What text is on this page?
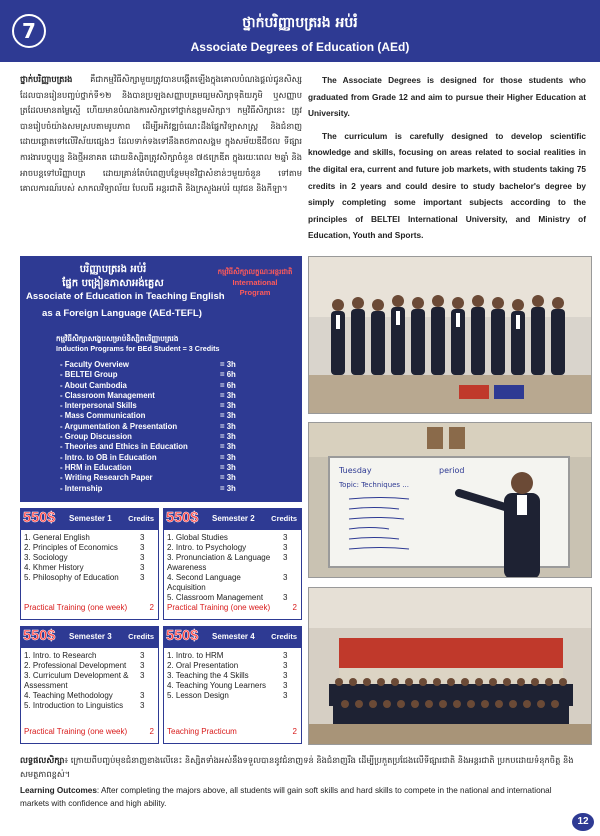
7	ថ្នាក់បរិញ្ញាបត្ររង អប់រំ
Associate Degrees of Education (AEd)
ថ្នាក់បរិញ្ញាបត្ររង គឺជាកម្មវិធីសិក្សាមួយត្រូវបានបង្កើតឡើងក្នុងគោលបំណងផ្តល់ជូនសិស្សដែលបានរៀនបញ្ចប់ថ្នាក់ទី១២ និងបានប្រឡងសញ្ញាបត្រមធ្យមសិក្សាទុតិយភូមិ ឬសញ្ញាបត្រដែលមានតម្លៃស្មើ ហើយមានបំណងការសិក្សាទៅថ្នាក់ឧត្តមសិក្សា។ កម្មវិធីសិក្សានេះ ត្រូវបានរៀបចំយ៉ាងសមស្របតាមរូបភាព ដើម្បីអភិវឌ្ឍចំណេះដឹងផ្នែកវិទ្យាសាស្ត្រ និងជំនាញ ដោយផ្តោតទៅលើវិស័យផ្សេងៗ ដែលទាក់ទងទៅនឹងតថភាពសង្គម ក្នុងសម័យឌីជីថល ទីផ្សារការងារបច្ចុប្បន្ន និងថ្មីអនាគត ដោយនិស្សិតត្រូវសិក្សាចំនួន ៧៥ក្រេឌីត ក្នុងរយៈពេល ២ឆ្នាំ និងអាចបន្តទៅបរិញ្ញាបត្រ ដោយគ្រាន់តែបំពេញបន្ថែមមុខវិជ្ជាសំខាន់ៗមួយចំនួន ទៅតាមគោលការណ៍របស់ សាកលវិទ្យាល័យ បែលធី អន្តរជាតិ និងក្រសួងអប់រំ យុវជន និងកីឡា។

The Associate Degrees is designed for those students who graduated from Grade 12 and aim to pursue their Higher Education at University.

The curriculum is carefully designed to develop scientific knowledge and skills, focusing on areas related to social realities in the digital era, current and future job markets, with students taking 75 credits in 2 years and could desire to study bachelor's degree by simply completing some important subjects according to the principles of BELTEI International University, and Ministry of Education, Youth and Sports.

បរិញ្ញាបត្ររង អប់រំ
ផ្នែក បង្រៀនភាសាអង់គ្លេស
Associate of Education in Teaching English
as a Foreign Language (AEd-TEFL)
កម្មវិធីសិក្សាលក្ខណៈអន្តរជាតិ
International
Program
កម្មវិធីសិក្សាសង្ខេបសម្រាប់និស្សិតបរិញ្ញាបត្ររង
Induction Programs for BEd Student = 3 Credits
- Faculty Overview	= 3h
- BELTEI Group	= 6h
- About Cambodia	= 6h
- Classroom Management	= 3h
- Interpersonal Skills	= 3h
- Mass Communication	= 3h
- Argumentation & Presentation	= 3h
- Group Discussion	= 3h
- Theories and Ethics in Education	= 3h
- Intro. to OB in Education	= 3h
- HRM in Education	= 3h
- Writing Research Paper	= 3h
- Internship	= 3h
550$ Semester 1 Credits
1. General English	3
2. Principles of Economics	3
3. Sociology	3
4. Khmer History	3
5. Philosophy of Education	3
Practical Training (one week)	2
550$ Semester 2 Credits
1. Global Studies	3
2. Intro. to Psychology	3
3. Pronunciation & Language Awareness
3
4. Second Language Acquisition
3
5. Classroom Management	3
Practical Training (one week)	2
550$ Semester 3 Credits
1. Intro. to Research	3
2. Professional Development	3
3. Curriculum Development & Assessment
3
4. Teaching Methodology	3
5. Introduction to Linguistics	3
Practical Training (one week)	2
550$ Semester 4 Credits
1. Intro. to HRM	3
2. Oral Presentation	3
3. Teaching the 4 Skills	3
4. Teaching Young Learners	3
5. Lesson Design	3
Teaching Practicum	2
Tuesday	period
Topic: Techniques ...
លទ្ធផលសិក្សា៖ ក្រោយពីបញ្ចប់មុខជំនាញខាងលើនេះ និស្សិតទាំងអស់នឹងទទួលបាននូវជំនាញទន់ និងជំនាញរឹង ដើម្បីប្រកួតប្រជែងលើទីផ្សារជាតិ និងអន្តរជាតិ ប្រកបដោយទំនុកចិត្ត និងសមត្ថភាពខ្ពស់។
Learning Outcomes: After completing the majors above, all students will gain soft skills and hard skills to compete in the national and international markets with confidence and high ability.
12
